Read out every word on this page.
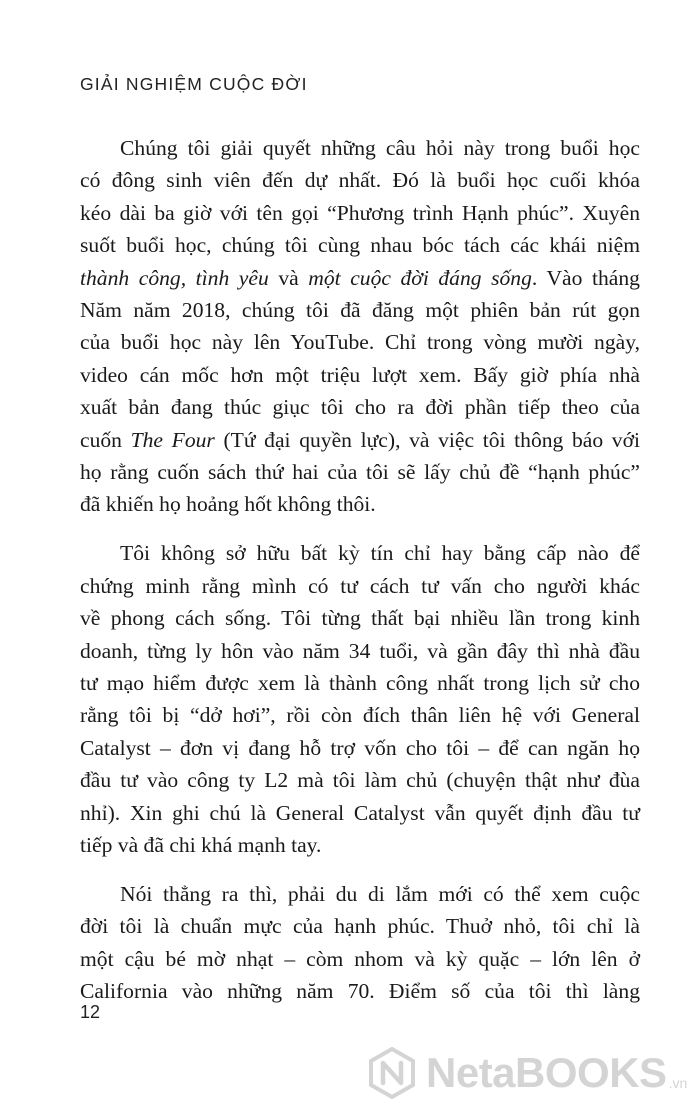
GIẢI NGHIỆM CUỘC ĐỜI
Chúng tôi giải quyết những câu hỏi này trong buổi học
có đông sinh viên đến dự nhất. Đó là buổi học cuối khóa
kéo dài ba giờ với tên gọi “Phương trình Hạnh phúc”. Xuyên
suốt buổi học, chúng tôi cùng nhau bóc tách các khái niệm
thành công, tình yêu và một cuộc đời đáng sống. Vào tháng
Năm năm 2018, chúng tôi đã đăng một phiên bản rút gọn
của buổi học này lên YouTube. Chỉ trong vòng mười ngày,
video cán mốc hơn một triệu lượt xem. Bấy giờ phía nhà
xuất bản đang thúc giục tôi cho ra đời phần tiếp theo của
cuốn The Four (Tứ đại quyền lực), và việc tôi thông báo với
họ rằng cuốn sách thứ hai của tôi sẽ lấy chủ đề “hạnh phúc”
đã khiến họ hoảng hốt không thôi.
Tôi không sở hữu bất kỳ tín chỉ hay bằng cấp nào để
chứng minh rằng mình có tư cách tư vấn cho người khác
về phong cách sống. Tôi từng thất bại nhiều lần trong kinh
doanh, từng ly hôn vào năm 34 tuổi, và gần đây thì nhà đầu
tư mạo hiểm được xem là thành công nhất trong lịch sử cho
rằng tôi bị “dở hơi”, rồi còn đích thân liên hệ với General
Catalyst – đơn vị đang hỗ trợ vốn cho tôi – để can ngăn họ
đầu tư vào công ty L2 mà tôi làm chủ (chuyện thật như đùa
nhỉ). Xin ghi chú là General Catalyst vẫn quyết định đầu tư
tiếp và đã chi khá mạnh tay.
Nói thẳng ra thì, phải du di lắm mới có thể xem cuộc
đời tôi là chuẩn mực của hạnh phúc. Thuở nhỏ, tôi chỉ là
một cậu bé mờ nhạt – còm nhom và kỳ quặc – lớn lên ở
California vào những năm 70. Điểm số của tôi thì làng
12
NetaBOOKS .vn
